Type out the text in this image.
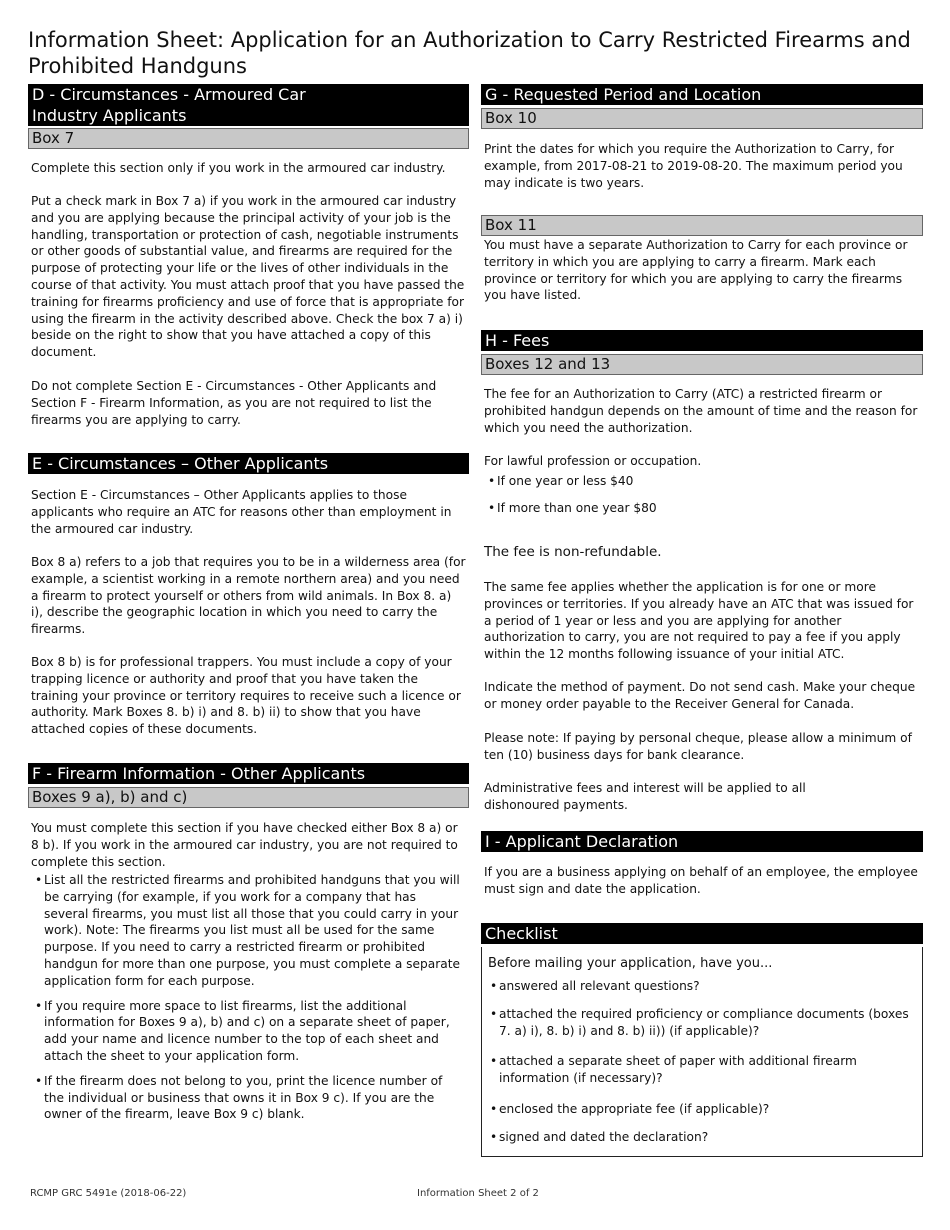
Information Sheet: Application for an Authorization to Carry Restricted Firearms and Prohibited Handguns
D - Circumstances - Armoured Car
Industry Applicants
Box 7

Complete this section only if you work in the armoured car industry.

Put a check mark in Box 7 a) if you work in the armoured car industry and you are applying because the principal activity of your job is the handling, transportation or protection of cash, negotiable instruments or other goods of substantial value, and firearms are required for the purpose of protecting your life or the lives of other individuals in the course of that activity. You must attach proof that you have passed the training for firearms proficiency and use of force that is appropriate for using the firearm in the activity described above. Check the box 7 a) i) beside on the right to show that you have attached a copy of this document.

Do not complete Section E - Circumstances - Other Applicants and Section F - Firearm Information, as you are not required to list the firearms you are applying to carry.

E - Circumstances – Other Applicants

Section E - Circumstances – Other Applicants applies to those applicants who require an ATC for reasons other than employment in the armoured car industry.

Box 8 a) refers to a job that requires you to be in a wilderness area (for example, a scientist working in a remote northern area) and you need a firearm to protect yourself or others from wild animals. In Box 8. a) i), describe the geographic location in which you need to carry the firearms.

Box 8 b) is for professional trappers. You must include a copy of your trapping licence or authority and proof that you have taken the training your province or territory requires to receive such a licence or authority. Mark Boxes 8. b) i) and 8. b) ii) to show that you have attached copies of these documents.

F - Firearm Information - Other Applicants
Boxes 9 a), b) and c)

You must complete this section if you have checked either Box 8 a) or 8 b). If you work in the armoured car industry, you are not required to complete this section.

• List all the restricted firearms and prohibited handguns that you will be carrying (for example, if you work for a company that has several firearms, you must list all those that you could carry in your work). Note: The firearms you list must all be used for the same purpose. If you need to carry a restricted firearm or prohibited handgun for more than one purpose, you must complete a separate application form for each purpose.
• If you require more space to list firearms, list the additional information for Boxes 9 a), b) and c) on a separate sheet of paper, add your name and licence number to the top of each sheet and attach the sheet to your application form.
• If the firearm does not belong to you, print the licence number of the individual or business that owns it in Box 9 c). If you are the owner of the firearm, leave Box 9 c) blank.
G - Requested Period and Location
Box 10

Print the dates for which you require the Authorization to Carry, for example, from 2017-08-21 to 2019-08-20. The maximum period you may indicate is two years.

Box 11

You must have a separate Authorization to Carry for each province or territory in which you are applying to carry a firearm. Mark each province or territory for which you are applying to carry the firearms you have listed.

H - Fees
Boxes 12 and 13

The fee for an Authorization to Carry (ATC) a restricted firearm or prohibited handgun depends on the amount of time and the reason for which you need the authorization.

For lawful profession or occupation.

• If one year or less $40
• If more than one year $80

The fee is non-refundable.

The same fee applies whether the application is for one or more provinces or territories. If you already have an ATC that was issued for a period of 1 year or less and you are applying for another authorization to carry, you are not required to pay a fee if you apply within the 12 months following issuance of your initial ATC.

Indicate the method of payment. Do not send cash. Make your cheque or money order payable to the Receiver General for Canada.

Please note: If paying by personal cheque, please allow a minimum of ten (10) business days for bank clearance.

Administrative fees and interest will be applied to all dishonoured payments.

I - Applicant Declaration

If you are a business applying on behalf of an employee, the employee must sign and date the application.

Checklist

Before mailing your application, have you...

• answered all relevant questions?
• attached the required proficiency or compliance documents (boxes 7. a) i), 8. b) i) and 8. b) ii)) (if applicable)?
• attached a separate sheet of paper with additional firearm information (if necessary)?
• enclosed the appropriate fee (if applicable)?
• signed and dated the declaration?
RCMP GRC 5491e (2018-06-22)	Information Sheet 2 of 2
